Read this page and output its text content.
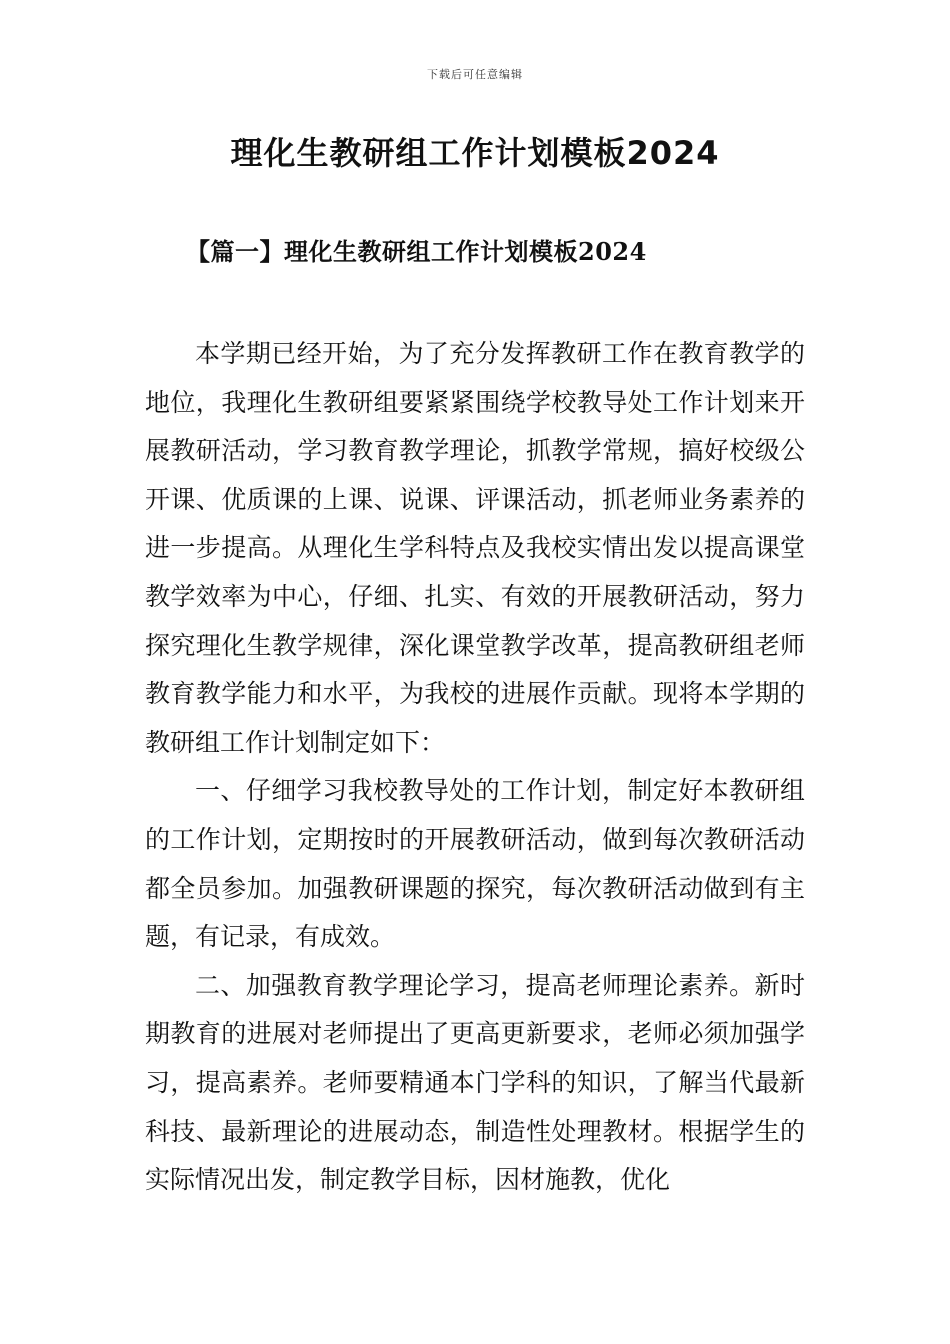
下载后可任意编辑
理化生教研组工作计划模板2024
【篇一】理化生教研组工作计划模板2024

本学期已经开始，为了充分发挥教研工作在教育教学的地位，我理化生教研组要紧紧围绕学校教导处工作计划来开展教研活动，学习教育教学理论，抓教学常规，搞好校级公开课、优质课的上课、说课、评课活动，抓老师业务素养的进一步提高。从理化生学科特点及我校实情出发以提高课堂教学效率为中心，仔细、扎实、有效的开展教研活动，努力探究理化生教学规律，深化课堂教学改革，提高教研组老师教育教学能力和水平，为我校的进展作贡献。现将本学期的教研组工作计划制定如下：

一、仔细学习我校教导处的工作计划，制定好本教研组的工作计划，定期按时的开展教研活动，做到每次教研活动都全员参加。加强教研课题的探究，每次教研活动做到有主题，有记录，有成效。

二、加强教育教学理论学习，提高老师理论素养。新时期教育的进展对老师提出了更高更新要求，老师必须加强学习，提高素养。老师要精通本门学科的知识，了解当代最新科技、最新理论的进展动态，制造性处理教材。根据学生的实际情况出发，制定教学目标，因材施教，优化
